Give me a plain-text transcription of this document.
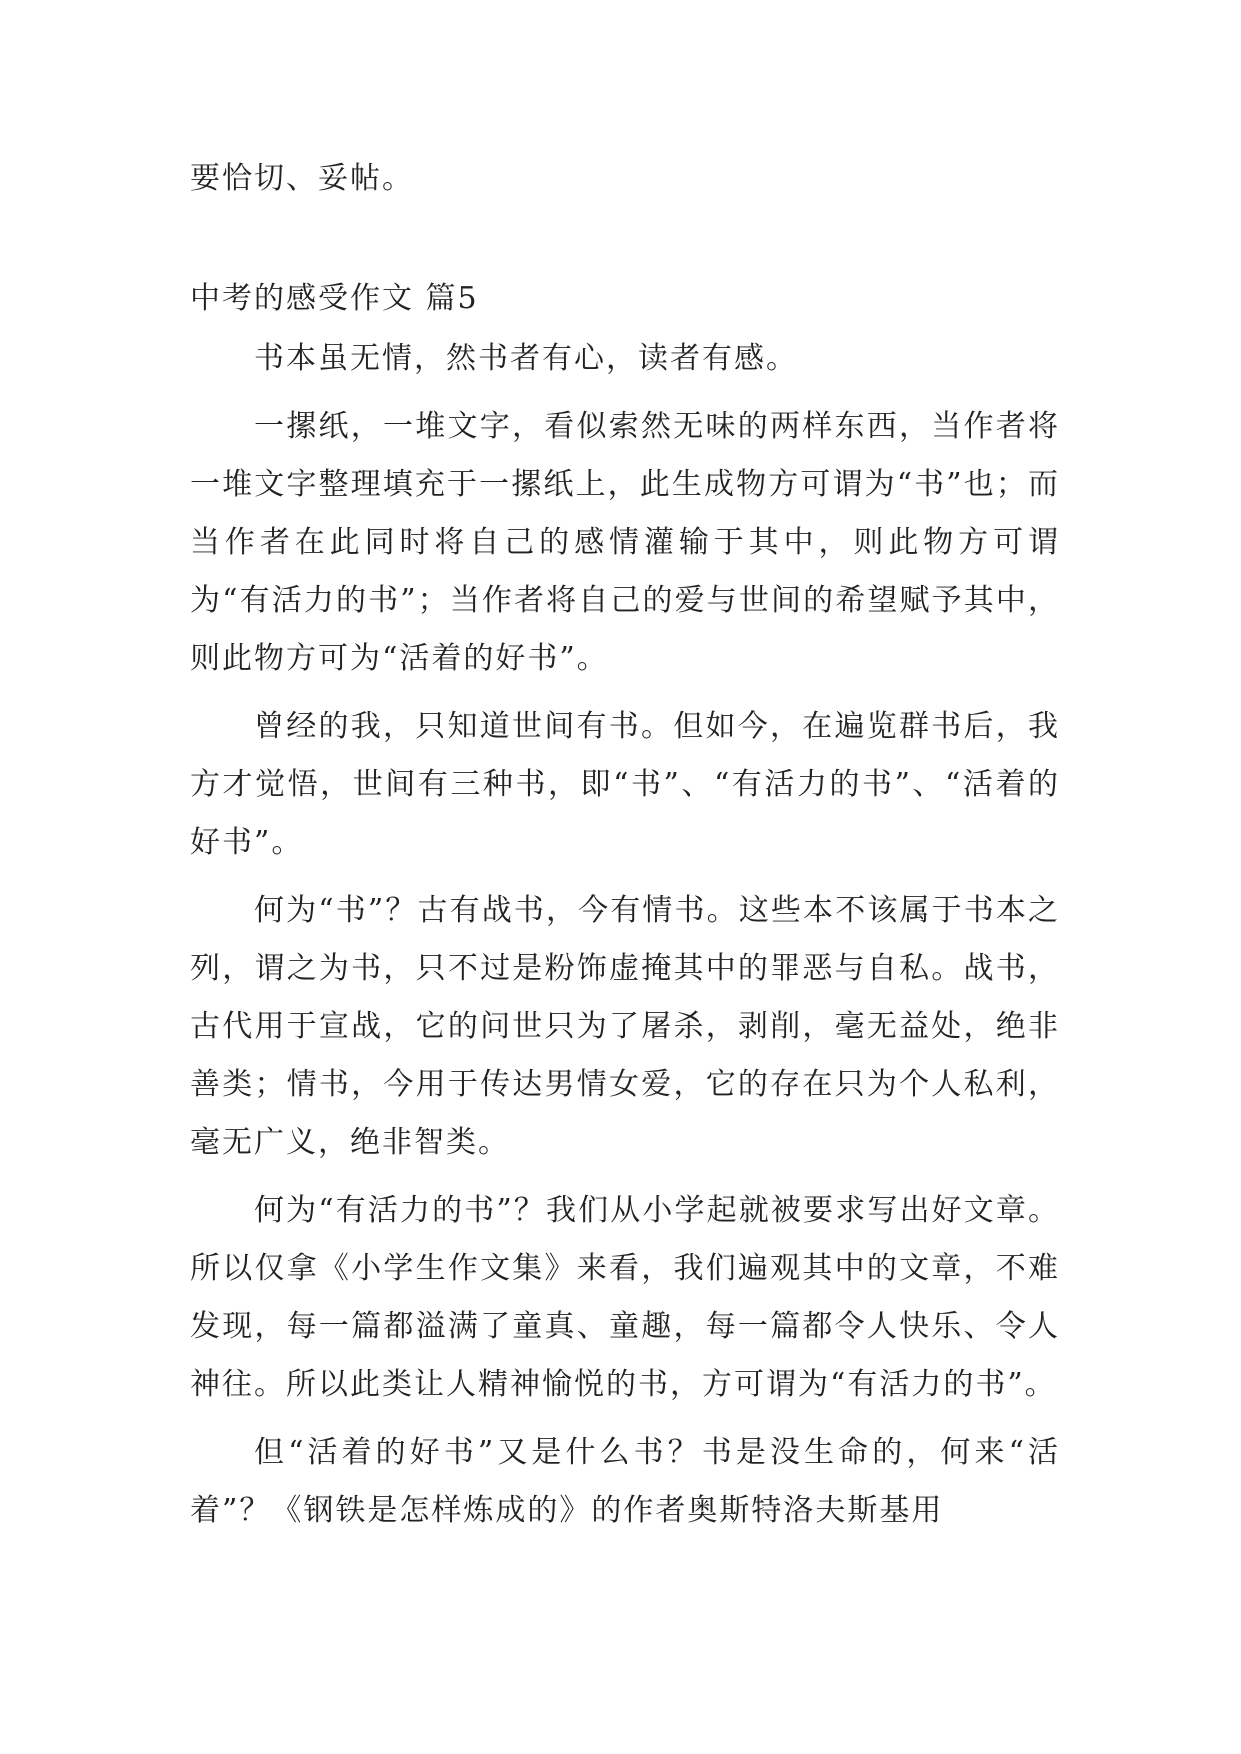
要恰切、妥帖。
中考的感受作文 篇5

书本虽无情，然书者有心，读者有感。

一摞纸，一堆文字，看似索然无味的两样东西，当作者将一堆文字整理填充于一摞纸上，此生成物方可谓为“书”也；而当作者在此同时将自己的感情灌输于其中，则此物方可谓为“有活力的书”；当作者将自己的爱与世间的希望赋予其中，则此物方可为“活着的好书”。

曾经的我，只知道世间有书。但如今，在遍览群书后，我方才觉悟，世间有三种书，即“书”、“有活力的书”、“活着的好书”。

何为“书”？古有战书，今有情书。这些本不该属于书本之列，谓之为书，只不过是粉饰虚掩其中的罪恶与自私。战书，古代用于宣战，它的问世只为了屠杀，剥削，毫无益处，绝非善类；情书，今用于传达男情女爱，它的存在只为个人私利，毫无广义，绝非智类。

何为“有活力的书”？我们从小学起就被要求写出好文章。所以仅拿《小学生作文集》来看，我们遍观其中的文章，不难发现，每一篇都溢满了童真、童趣，每一篇都令人快乐、令人神往。所以此类让人精神愉悦的书，方可谓为“有活力的书”。

但“活着的好书”又是什么书？书是没生命的，何来“活着”？《钢铁是怎样炼成的》的作者奥斯特洛夫斯基用
